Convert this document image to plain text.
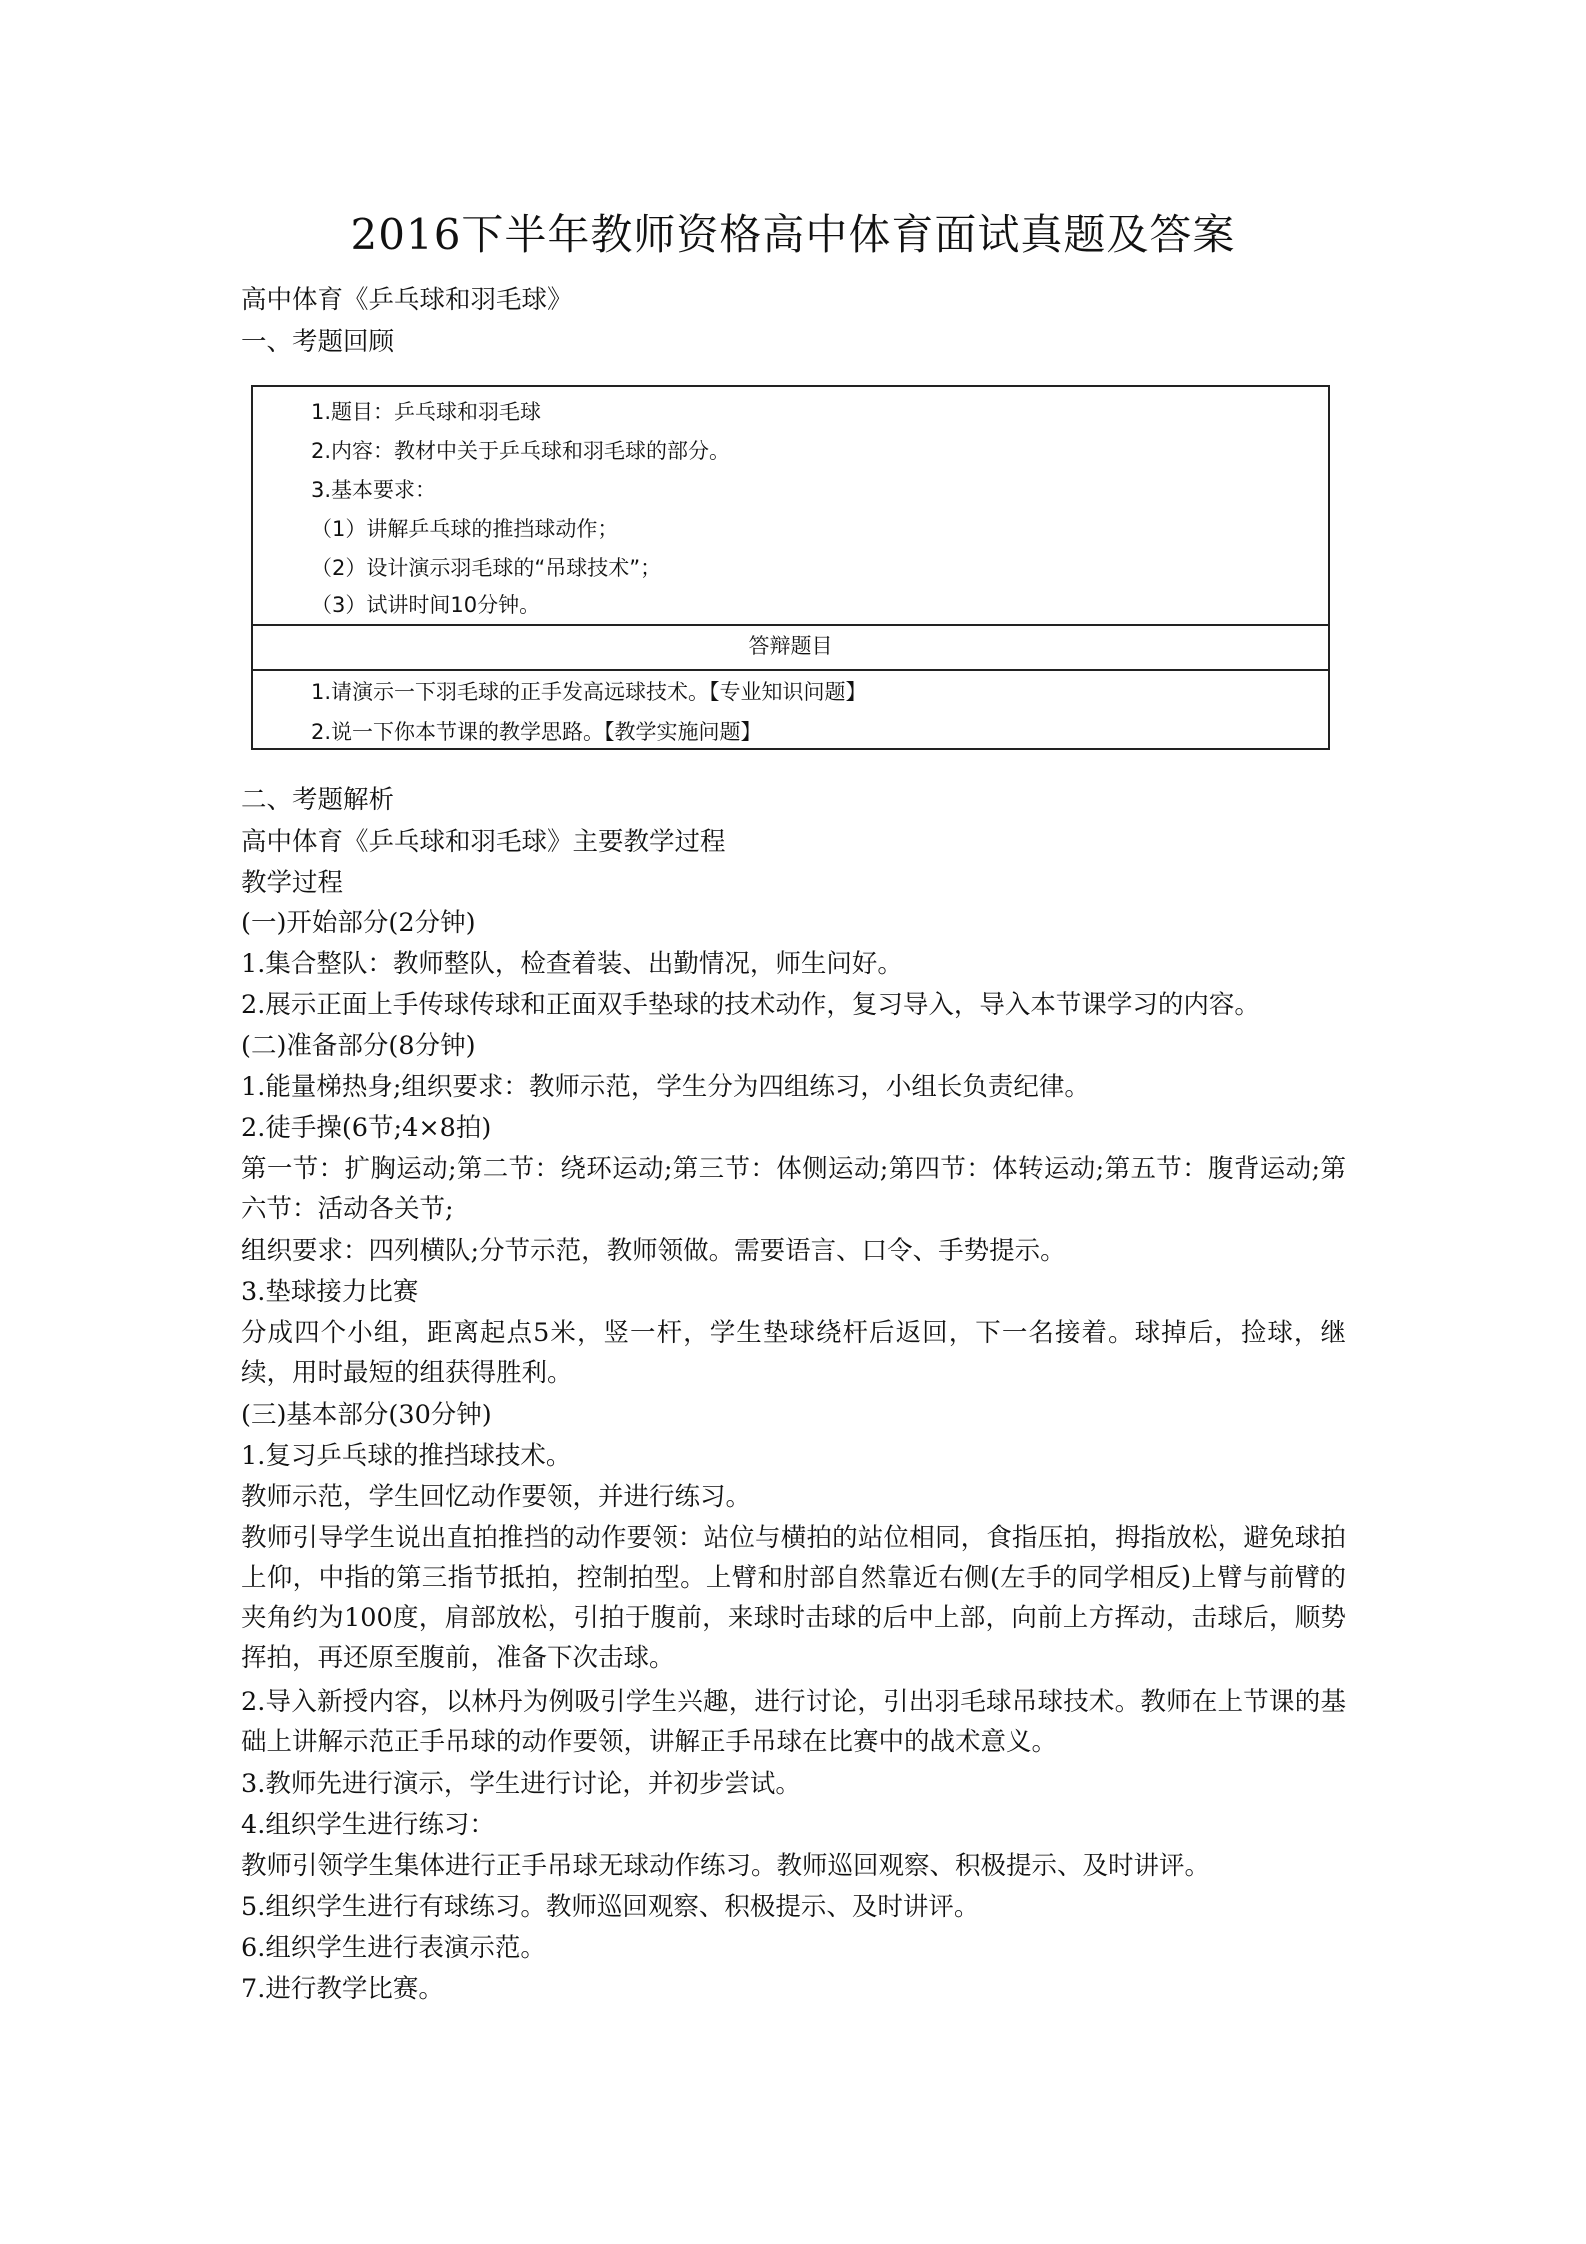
2016下半年教师资格高中体育面试真题及答案
高中体育《乒乓球和羽毛球》
一、考题回顾
1.题目：乒乓球和羽毛球
2.内容：教材中关于乒乓球和羽毛球的部分。
3.基本要求：
（1）讲解乒乓球的推挡球动作；
（2）设计演示羽毛球的“吊球技术”；
（3）试讲时间10分钟。
答辩题目
1.请演示一下羽毛球的正手发高远球技术。【专业知识问题】
2.说一下你本节课的教学思路。【教学实施问题】
二、考题解析
高中体育《乒乓球和羽毛球》主要教学过程
教学过程
(一)开始部分(2分钟)
1.集合整队：教师整队，检查着装、出勤情况，师生问好。
2.展示正面上手传球传球和正面双手垫球的技术动作，复习导入，导入本节课学习的内容。
(二)准备部分(8分钟)
1.能量梯热身;组织要求：教师示范，学生分为四组练习，小组长负责纪律。
2.徒手操(6节;4×8拍)
第一节：扩胸运动;第二节：绕环运动;第三节：体侧运动;第四节：体转运动;第五节：腹背运动;第六节：活动各关节;
组织要求：四列横队;分节示范，教师领做。需要语言、口令、手势提示。
3.垫球接力比赛
分成四个小组，距离起点5米，竖一杆，学生垫球绕杆后返回，下一名接着。球掉后，捡球，继续，用时最短的组获得胜利。
(三)基本部分(30分钟)
1.复习乒乓球的推挡球技术。
教师示范，学生回忆动作要领，并进行练习。
教师引导学生说出直拍推挡的动作要领：站位与横拍的站位相同，食指压拍，拇指放松，避免球拍上仰，中指的第三指节抵拍，控制拍型。上臂和肘部自然靠近右侧(左手的同学相反)上臂与前臂的夹角约为100度，肩部放松，引拍于腹前，来球时击球的后中上部，向前上方挥动，击球后，顺势挥拍，再还原至腹前，准备下次击球。
2.导入新授内容，以林丹为例吸引学生兴趣，进行讨论，引出羽毛球吊球技术。教师在上节课的基础上讲解示范正手吊球的动作要领，讲解正手吊球在比赛中的战术意义。
3.教师先进行演示，学生进行讨论，并初步尝试。
4.组织学生进行练习：
教师引领学生集体进行正手吊球无球动作练习。教师巡回观察、积极提示、及时讲评。
5.组织学生进行有球练习。教师巡回观察、积极提示、及时讲评。
6.组织学生进行表演示范。
7.进行教学比赛。
